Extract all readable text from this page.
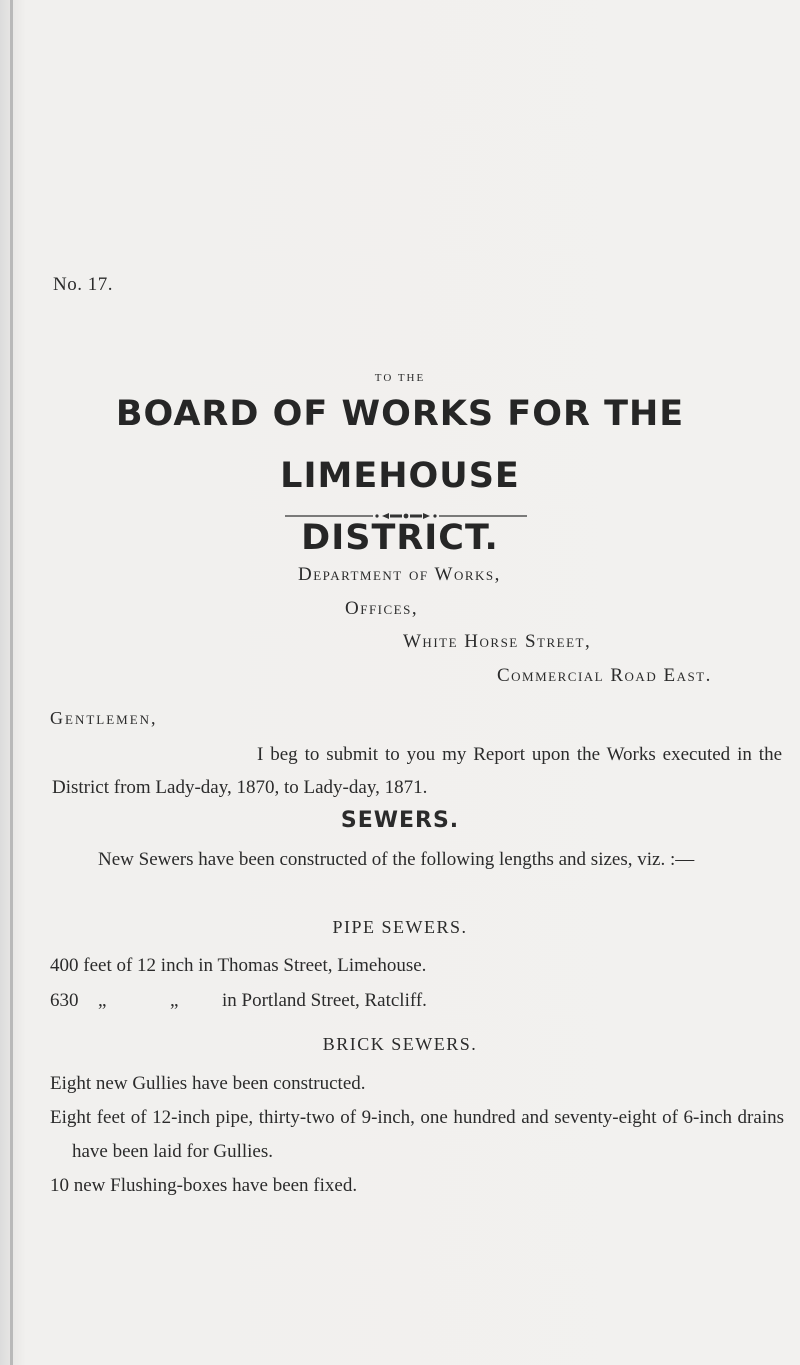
No. 17.
TO THE
BOARD OF WORKS FOR THE LIMEHOUSE
DISTRICT.
Department of Works,
Offices,
White Horse Street,
Commercial Road East.
Gentlemen,
I beg to submit to you my Report upon the Works executed in the District from Lady-day, 1870, to Lady-day, 1871.
SEWERS.
New Sewers have been constructed of the following lengths and sizes, viz. :—
PIPE SEWERS.
400 feet of 12 inch in Thomas Street, Limehouse.
630 „	„ in Portland Street, Ratcliff.
BRICK SEWERS.
Eight new Gullies have been constructed.
Eight feet of 12-inch pipe, thirty-two of 9-inch, one hundred and seventy-eight of 6-inch drains have been laid for Gullies.
10 new Flushing-boxes have been fixed.
